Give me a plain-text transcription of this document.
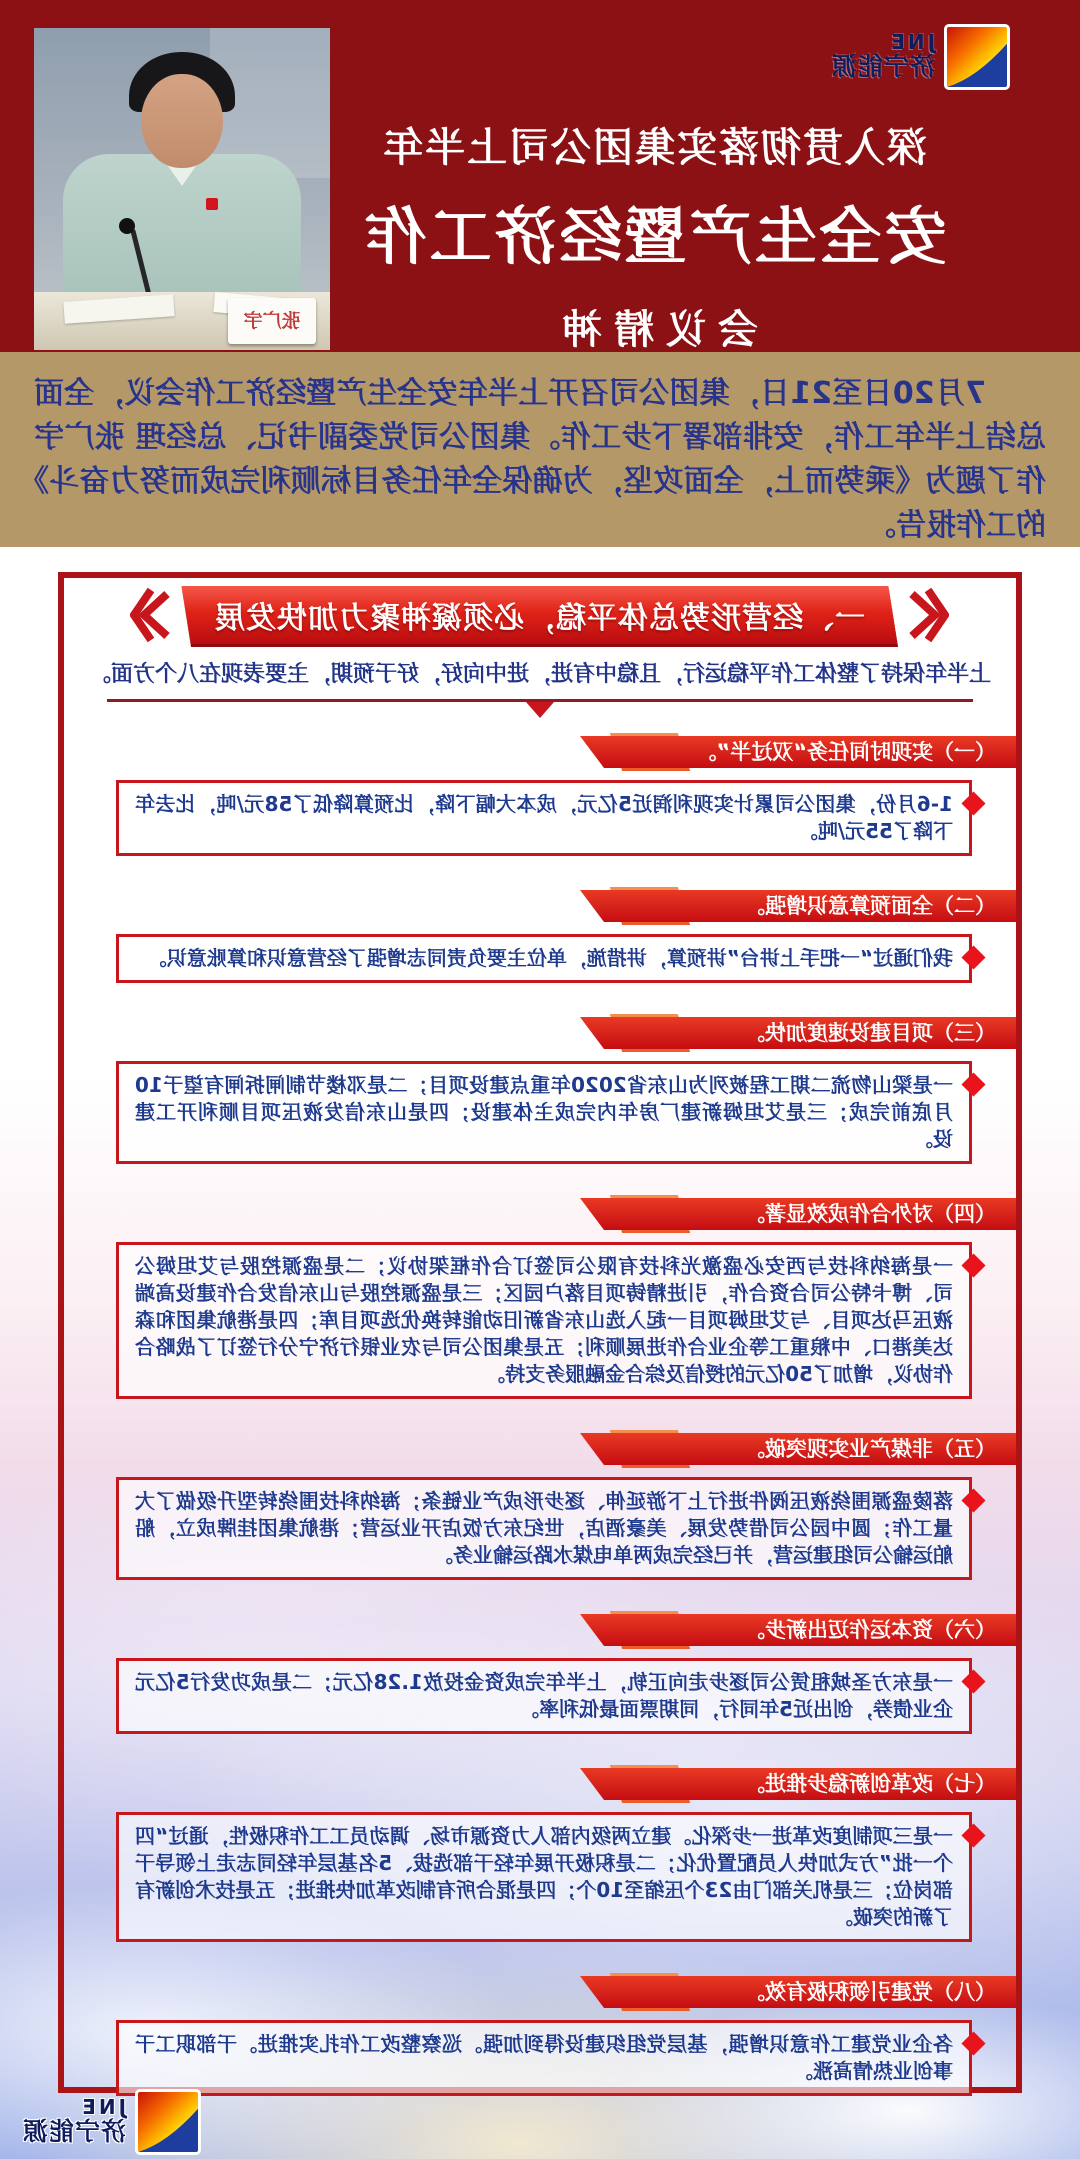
JNE
济宁能源
深入贯彻落实集团公司上半年
安全生产暨经济工作
会议精神
张广宇
7月20日至21日，集团公司召开上半年安全生产暨经济工作会议，全面总结上半年工作，安排部署下步工作。集团公司党委副书记、总经理 张广宇作了题为《乘势而上，全面攻坚，为确保全年任务目标顺利完成而努力奋斗》的工作报告。
一、经营形势总体平稳，必须凝神聚力加快发展
上半年保持了整体工作平稳运行，且稳中有进，进中向好，好于预期，主要表现在八个方面。
（一）实现时间任务“双过半”。

1-6月份，集团公司累计实现利润近5亿元，成本大幅下降，比预算降低了58元/吨，比去年下降了55元/吨。

（二）全面预算意识增强。

我们通过“一把手上讲台”讲预算，讲措施，单位主要负责同志增强了经营意识和算账意识。

（三）项目建设速度加快。

一是梁山物流二期工程被列为山东省2020年重点建设项目；二是邓楼节制闸拆闸有望于10月底前完成；三是艾坦姆新建厂房年内完成主体建设；四是山东信发液压项目顺利开工建设。

（四）对外合作成效显著。

一是海纳科技与西安必盛激光科技有限公司签订合作框架协议；二是盛源控股与艾坦姆公司、博卡特公司合资合作，引进精铸项目落户园区；三是盛源控股与山东信发合作建设高端液压马达项目、与艾坦姆项目一起入选山东省新旧动能转换优选项目库；四是港航集团和森达美港口、中粮重工等企业合作进展顺利；五是集团公司与农业银行济宁分行签订了战略合作协议，增加了50亿元的授信及综合金融服务支持。

（五）非煤产业实现突破。

落陵盛源围绕液压阀件进行上下游延伸、逐步形成产业链条；海纳科技围绕转型升级做了大量工作；圆中园公司借势发展、美豪酒店，世纪东方饭店开业运营；港航集团挂牌成立，船舶运输公司组建运营，并已经完成两单电煤水路运输业务。

（六）资本运作迈出新步。

一是东方圣城租赁公司逐步走向正轨，上半年完成资金投放1.28亿元；二是成功发行5亿元企业债券，创出近5年同行，同期票面最低利率。

（七）改革创新稳步推进。

一是三项制度改革进一步深化。建立两级内部人力资源市场、调动员工工作积极性，通过“四个一批”方式加快人员配置优化；二是积极开展年轻干部选拔、5名基层年轻同志走上领导干部岗位；三是机关部门由23个压缩至10个；四是混合所有制改革加快推进；五是技术创新有了新的突破。

（八）党建引领积极有效。

各企业党建工作意识增强，基层党组织建设得到加强。巡察整改工作扎实推进。干部职工干事创业热情高涨。

JNE
济宁能源
